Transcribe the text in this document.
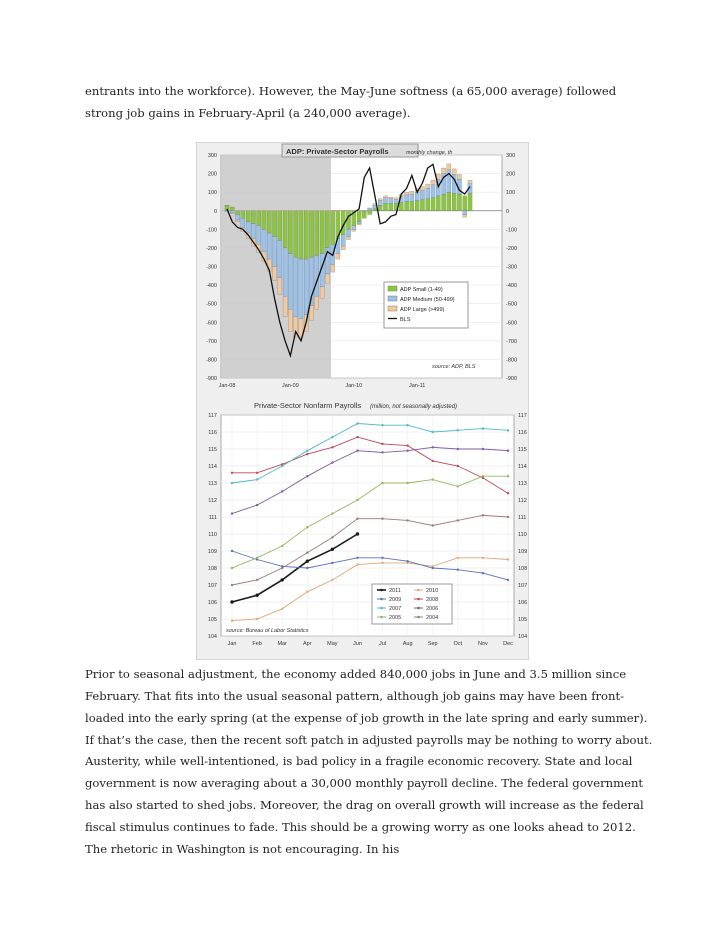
entrants into the workforce). However, the May-June softness (a 65,000 average) followed strong job gains in February-April (a 240,000 average).

300
200
100
0
-100
-200
-300
-400
-500
-600
-700
-800
-900
300
200
100
0
-100
-200
-300
-400
-500
-600
-700
-800
-900
Jan-08	Jan-09	Jan-10	Jan-11
ADP: Private-Sector Payrolls	monthly change, th
ADP Small (1-49)
ADP Medium (50-499)
ADP Large (>499)
BLS
source: ADP, BLS
117
116
115
114
113
112
111
110
109
108
107
106
105
104
117
116
115
114
113
112
111
110
109
108
107
106
105
104
Jan	Feb	Mar	Apr	May	Jun	Jul	Aug	Sep	Oct	Nov	Dec
Private-Sector Nonfarm Payrolls (million, not seasonally adjusted)
2011	2010
2009	2008
2007	2006
2005	2004
source: Bureau of Labor Statistics

Prior to seasonal adjustment, the economy added 840,000 jobs in June and 3.5 million since February. That fits into the usual seasonal pattern, although job gains may have been front-loaded into the early spring (at the expense of job growth in the late spring and early summer). If that’s the case, then the recent soft patch in adjusted payrolls may be nothing to worry about.

Austerity, while well-intentioned, is bad policy in a fragile economic recovery. State and local government is now averaging about a 30,000 monthly payroll decline. The federal government has also started to shed jobs. Moreover, the drag on overall growth will increase as the federal fiscal stimulus continues to fade. This should be a growing worry as one looks ahead to 2012. The rhetoric in Washington is not encouraging. In his
